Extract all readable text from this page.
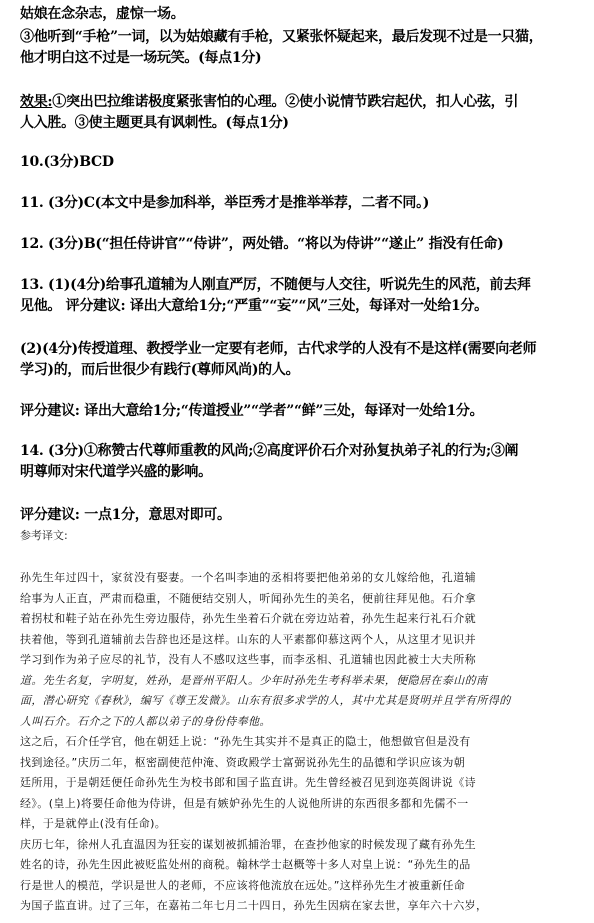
姑娘在念杂志，虚惊一场。
③他听到“手枪”一词，以为姑娘藏有手枪，又紧张怀疑起来，最后发现不过是一只猫，
他才明白这不过是一场玩笑。(每点1分)
效果:①突出巴拉维诺极度紧张害怕的心理。②使小说情节跌宕起伏，扣人心弦，引
人入胜。③使主题更具有讽刺性。(每点1分)
10.(3分)BCD
11. (3分)C(本文中是参加科举，举臣秀才是推举举荐，二者不同。)
12. (3分)B(“担任侍讲官”“侍讲”，两处错。“将以为侍讲”“遂止” 指没有任命)
13. (1)(4分)给事孔道辅为人刚直严厉，不随便与人交往，听说先生的风范，前去拜
见他。 评分建议: 译出大意给1分;“严重”“妄”“风”三处，每译对一处给1分。
(2)(4分)传授道理、教授学业一定要有老师，古代求学的人没有不是这样(需要向老师
学习)的，而后世很少有践行(尊师风尚)的人。
评分建议: 译出大意给1分;“传道授业”“学者”“鲜”三处，每译对一处给1分。
14. (3分)①称赞古代尊师重教的风尚;②高度评价石介对孙复执弟子礼的行为;③阐
明尊师对宋代道学兴盛的影响。
评分建议: 一点1分，意思对即可。
参考译文:
孙先生年过四十，家贫没有娶妻。一个名叫李迪的丞相将要把他弟弟的女儿嫁给他，孔道辅
给事为人正直，严肃而稳重，不随便结交别人，听闻孙先生的美名，便前往拜见他。石介拿
着拐杖和鞋子站在孙先生旁边服侍，孙先生坐着石介就在旁边站着，孙先生起来行礼石介就
扶着他，等到孔道辅前去告辞也还是这样。山东的人平素都仰慕这两个人，从这里才见识并
学习到作为弟子应尽的礼节，没有人不感叹这些事，而李丞相、孔道辅也因此被士大夫所称
道。先生名复，字明复，姓孙，是晋州平阳人。少年时孙先生考科举未果，便隐居在泰山的南
面，潜心研究《春秋》，编写《尊王发微》。山东有很多求学的人，其中尤其是贤明并且学有所得的
人叫石介。石介之下的人都以弟子的身份侍奉他。
这之后，石介任学官，他在朝廷上说：“孙先生其实并不是真正的隐士，他想做官但是没有
找到途径。”庆历二年，枢密副使范仲淹、资政殿学士富弼说孙先生的品德和学识应该为朝
廷所用，于是朝廷便任命孙先生为校书郎和国子监直讲。先生曾经被召见到迩英阁讲说《诗
经》。(皇上)将要任命他为侍讲，但是有嫉妒孙先生的人说他所讲的东西很多都和先儒不一
样，于是就停止(没有任命)。
庆历七年，徐州人孔直温因为狂妄的谋划被抓捕治罪，在查抄他家的时候发现了藏有孙先生
姓名的诗，孙先生因此被贬监处州的商税。翰林学士赵概等十多人对皇上说：“孙先生的品
行是世人的模范，学识是世人的老师，不应该将他流放在远处。”这样孙先生才被重新任命
为国子监直讲。过了三年，在嘉祐二年七月二十四日，孙先生因病在家去世，享年六十六岁，
